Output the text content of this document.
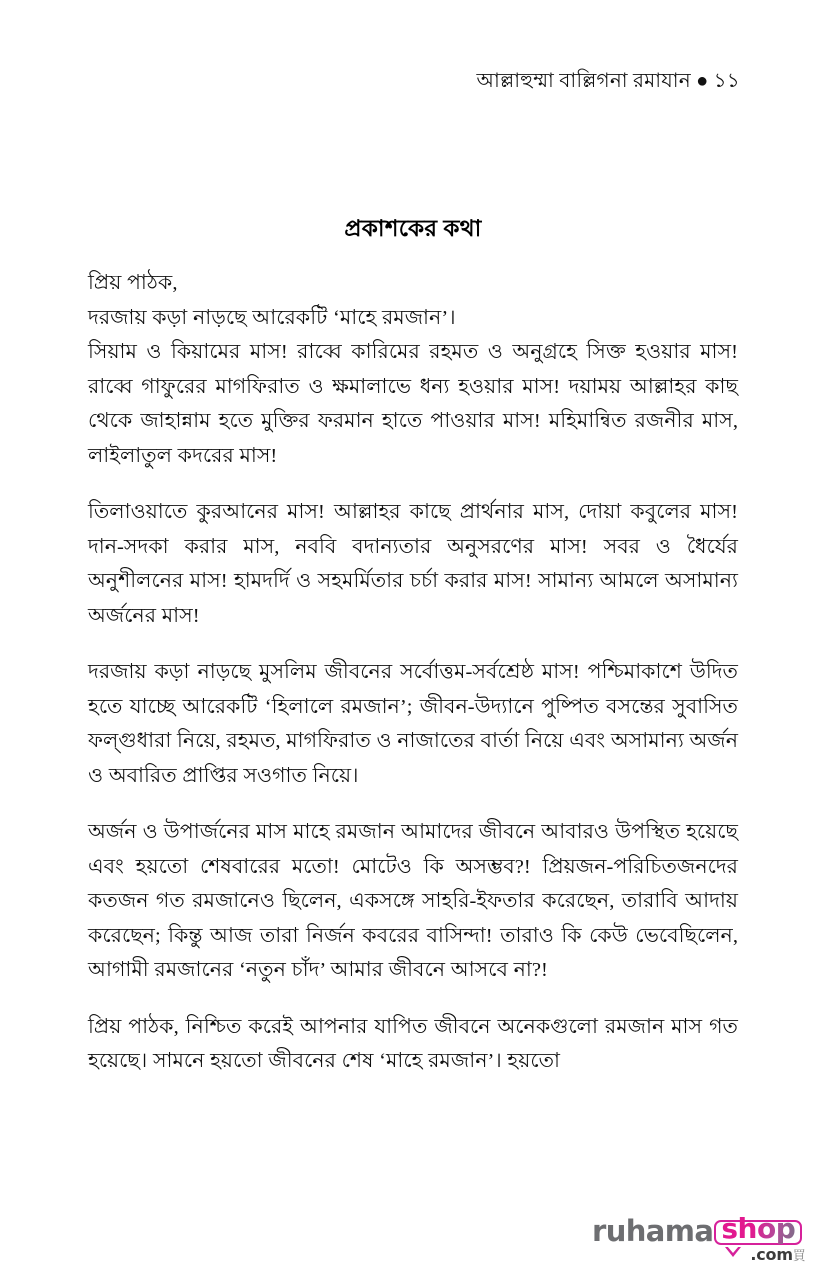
আল্লাহুম্মা বাল্লিগনা রমাযান ● ১১
প্রকাশকের কথা

প্রিয় পাঠক,

দরজায় কড়া নাড়ছে আরেকটি ‘মাহে রমজান’।

সিয়াম ও কিয়ামের মাস! রাব্বে কারিমের রহমত ও অনুগ্রহে সিক্ত হওয়ার মাস! রাব্বে গাফুরের মাগফিরাত ও ক্ষমালাভে ধন্য হওয়ার মাস! দয়াময় আল্লাহর কাছ থেকে জাহান্নাম হতে মুক্তির ফরমান হাতে পাওয়ার মাস! মহিমান্বিত রজনীর মাস, লাইলাতুল কদরের মাস!

তিলাওয়াতে কুরআনের মাস! আল্লাহর কাছে প্রার্থনার মাস, দোয়া কবুলের মাস! দান-সদকা করার মাস, নববি বদান্যতার অনুসরণের মাস! সবর ও ধৈর্যের অনুশীলনের মাস! হামদর্দি ও সহমর্মিতার চর্চা করার মাস! সামান্য আমলে অসামান্য অর্জনের মাস!

দরজায় কড়া নাড়ছে মুসলিম জীবনের সর্বোত্তম-সর্বশ্রেষ্ঠ মাস! পশ্চিমাকাশে উদিত হতে যাচ্ছে আরেকটি ‘হিলালে রমজান’; জীবন-উদ্যানে পুষ্পিত বসন্তের সুবাসিত ফল্গুধারা নিয়ে, রহমত, মাগফিরাত ও নাজাতের বার্তা নিয়ে এবং অসামান্য অর্জন ও অবারিত প্রাপ্তির সওগাত নিয়ে।

অর্জন ও উপার্জনের মাস মাহে রমজান আমাদের জীবনে আবারও উপস্থিত হয়েছে এবং হয়তো শেষবারের মতো! মোটেও কি অসম্ভব?! প্রিয়জন-পরিচিতজনদের কতজন গত রমজানেও ছিলেন, একসঙ্গে সাহরি-ইফতার করেছেন, তারাবি আদায় করেছেন; কিন্তু আজ তারা নির্জন কবরের বাসিন্দা! তারাও কি কেউ ভেবেছিলেন, আগামী রমজানের ‘নতুন চাঁদ’ আমার জীবনে আসবে না?!

প্রিয় পাঠক, নিশ্চিত করেই আপনার যাপিত জীবনে অনেকগুলো রমজান মাস গত হয়েছে। সামনে হয়তো জীবনের শেষ ‘মাহে রমজান’। হয়তো

ruhama shop
.com買
